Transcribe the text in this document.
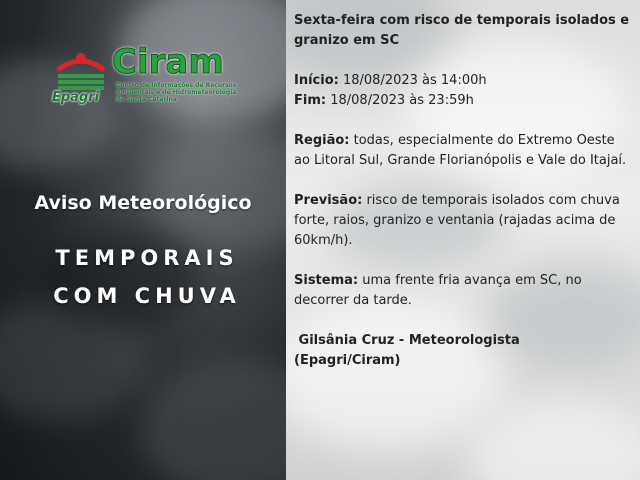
Epagri
Ciram
Centro de Informações de Recursos Ambientais e de Hidrometeorologia de Santa Catarina
Aviso Meteorológico
TEMPORAIS
COM CHUVA

Sexta-feira com risco de temporais isolados e granizo em SC

Início: 18/08/2023 às 14:00h
Fim: 18/08/2023 às 23:59h

Região: todas, especialmente do Extremo Oeste ao Litoral Sul, Grande Florianópolis e Vale do Itajaí.

Previsão: risco de temporais isolados com chuva forte, raios, granizo e ventania (rajadas acima de 60km/h).

Sistema: uma frente fria avança em SC, no decorrer da tarde.

Gilsânia Cruz - Meteorologista (Epagri/Ciram)
